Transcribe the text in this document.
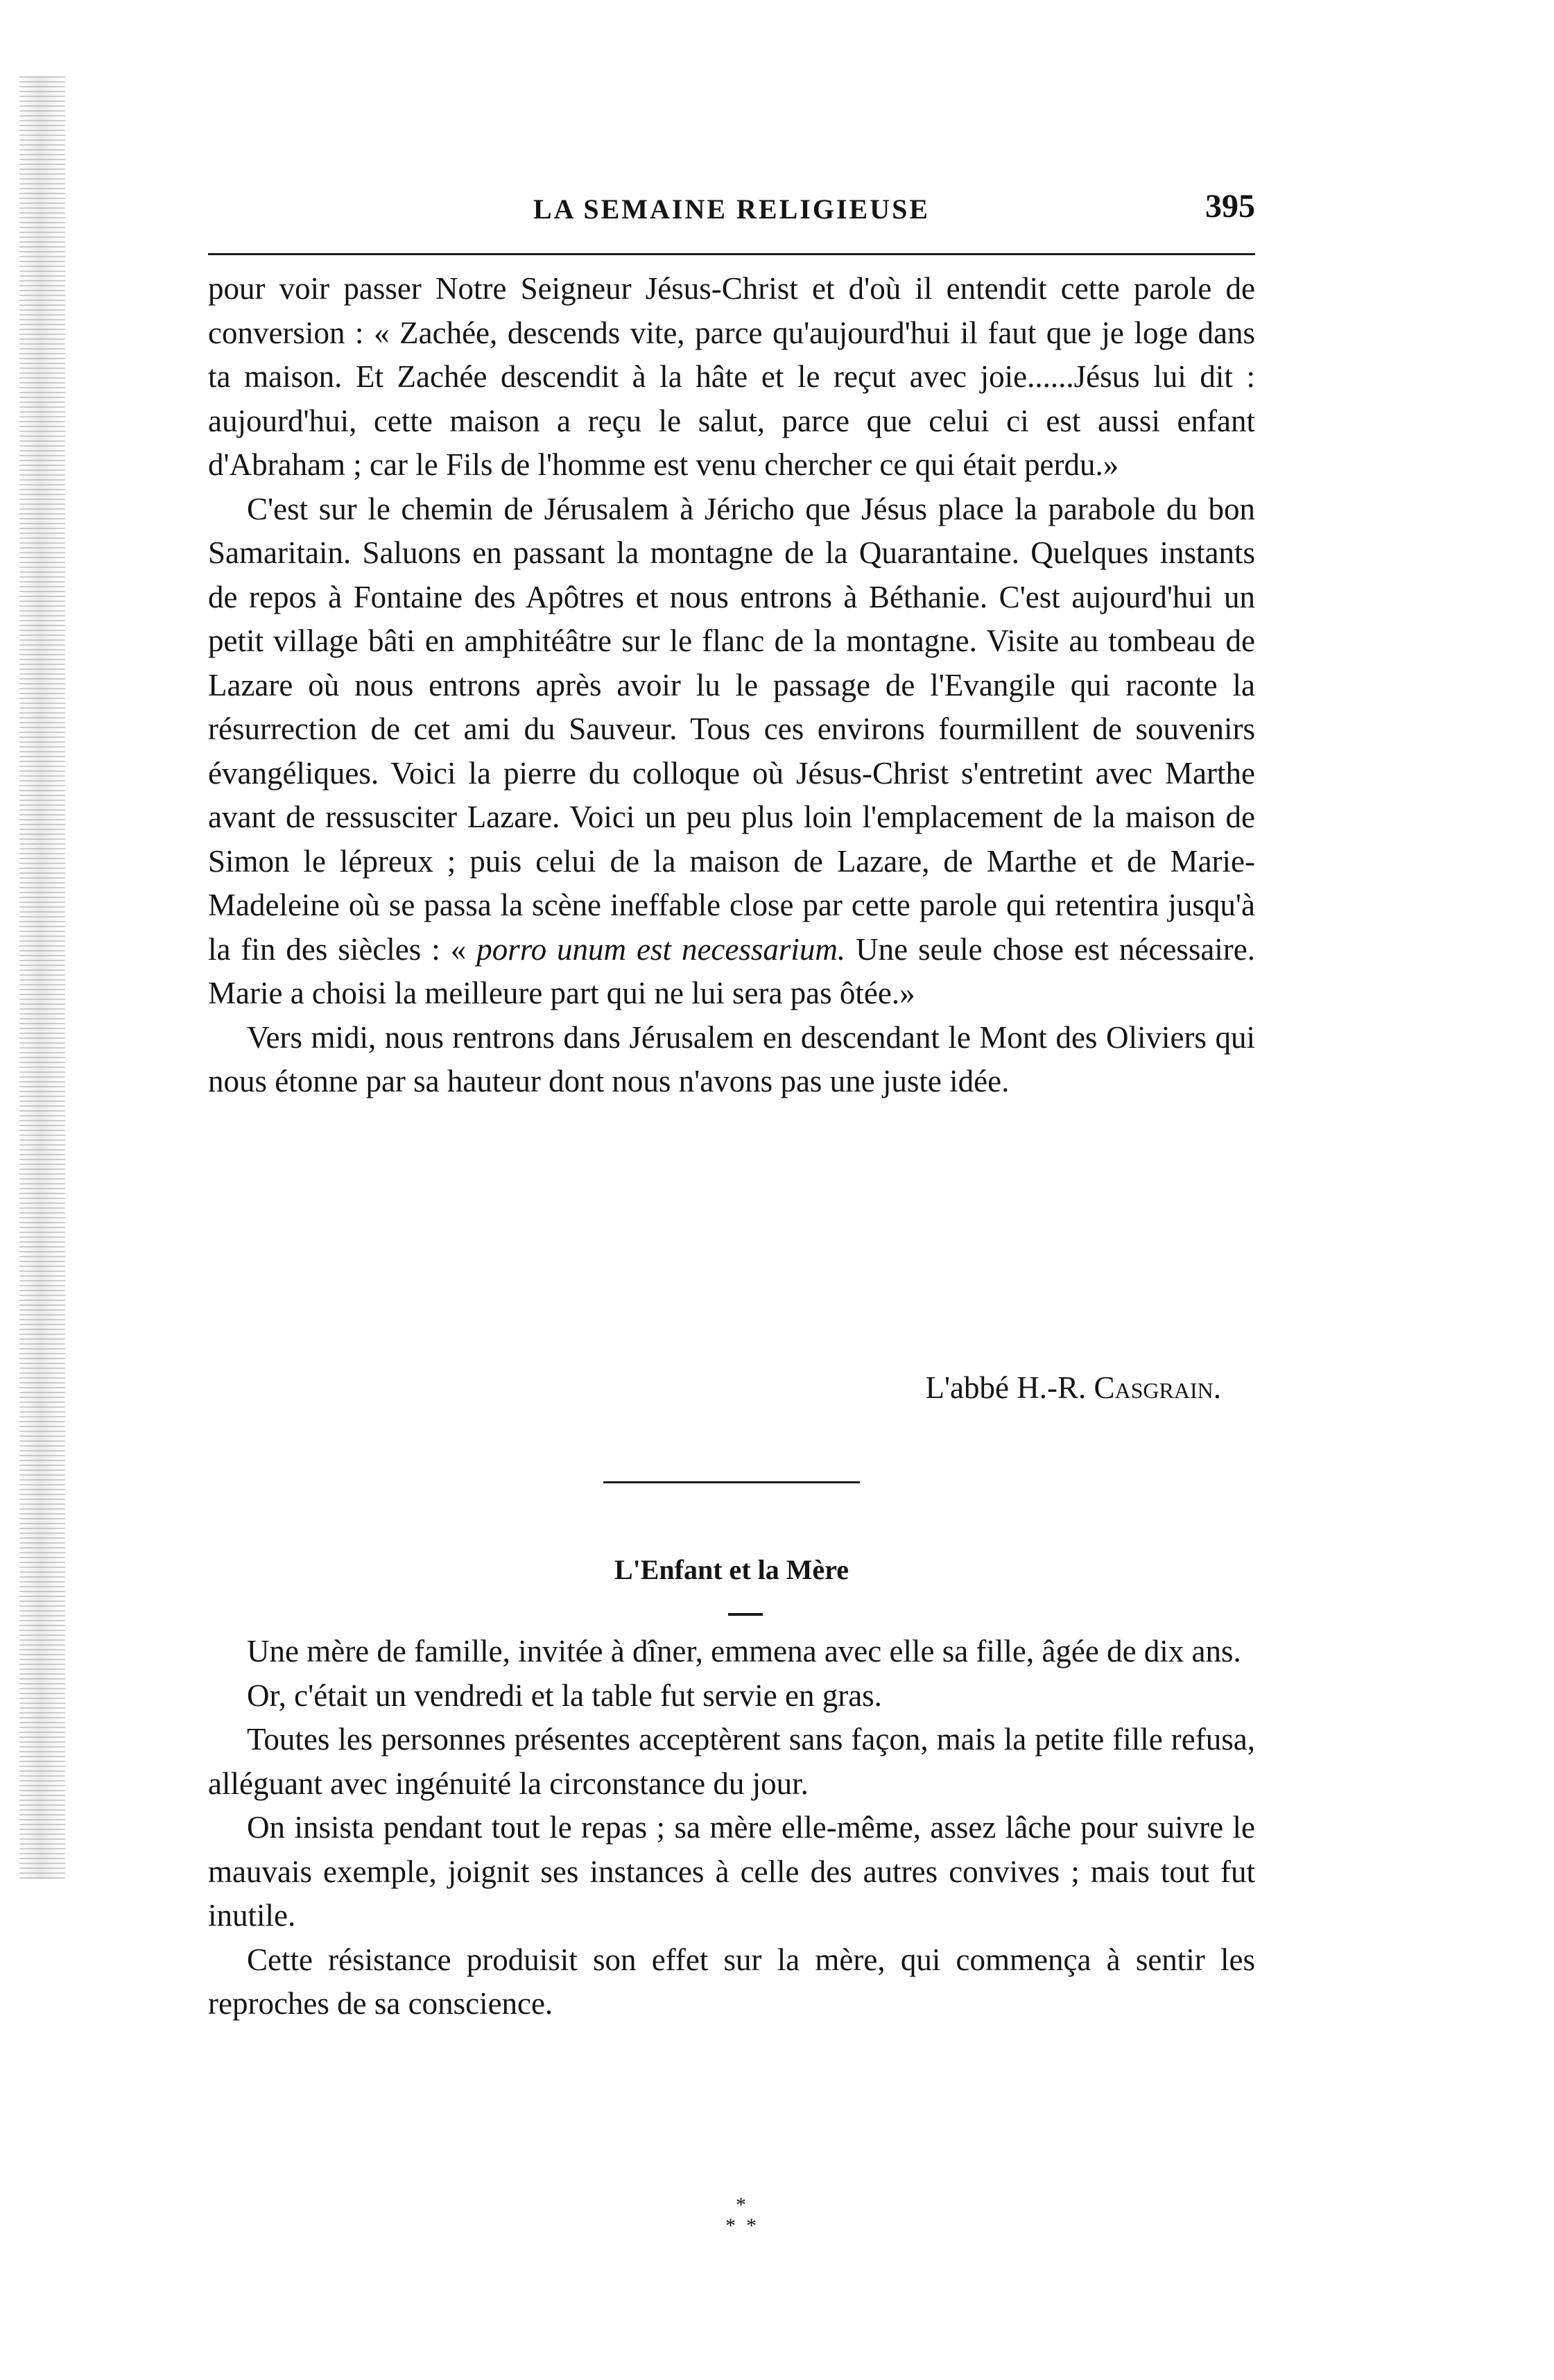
LA SEMAINE RELIGIEUSE	395

pour voir passer Notre Seigneur Jésus-Christ et d'où il entendit cette parole de conversion : « Zachée, descends vite, parce qu'aujourd'hui il faut que je loge dans ta maison. Et Zachée descendit à la hâte et le reçut avec joie......Jésus lui dit : aujourd'hui, cette maison a reçu le salut, parce que celui ci est aussi enfant d'Abraham ; car le Fils de l'homme est venu chercher ce qui était perdu.»

C'est sur le chemin de Jérusalem à Jéricho que Jésus place la parabole du bon Samaritain. Saluons en passant la montagne de la Quarantaine. Quelques instants de repos à Fontaine des Apôtres et nous entrons à Béthanie. C'est aujourd'hui un petit village bâti en amphitéâtre sur le flanc de la montagne. Visite au tombeau de Lazare où nous entrons après avoir lu le passage de l'Evangile qui raconte la résurrection de cet ami du Sauveur. Tous ces environs fourmillent de souvenirs évangéliques. Voici la pierre du colloque où Jésus-Christ s'entretint avec Marthe avant de ressusciter Lazare. Voici un peu plus loin l'emplacement de la maison de Simon le lépreux ; puis celui de la maison de Lazare, de Marthe et de Marie-Madeleine où se passa la scène ineffable close par cette parole qui retentira jusqu'à la fin des siècles : « porro unum est necessarium. Une seule chose est nécessaire. Marie a choisi la meilleure part qui ne lui sera pas ôtée.»

Vers midi, nous rentrons dans Jérusalem en descendant le Mont des Oliviers qui nous étonne par sa hauteur dont nous n'avons pas une juste idée.

L'abbé H.-R. Casgrain.
L'Enfant et la Mère

Une mère de famille, invitée à dîner, emmena avec elle sa fille, âgée de dix ans.

Or, c'était un vendredi et la table fut servie en gras.

Toutes les personnes présentes acceptèrent sans façon, mais la petite fille refusa, alléguant avec ingénuité la circonstance du jour.

On insista pendant tout le repas ; sa mère elle-même, assez lâche pour suivre le mauvais exemple, joignit ses instances à celle des autres convives ; mais tout fut inutile.

Cette résistance produisit son effet sur la mère, qui commença à sentir les reproches de sa conscience.

*
* *
